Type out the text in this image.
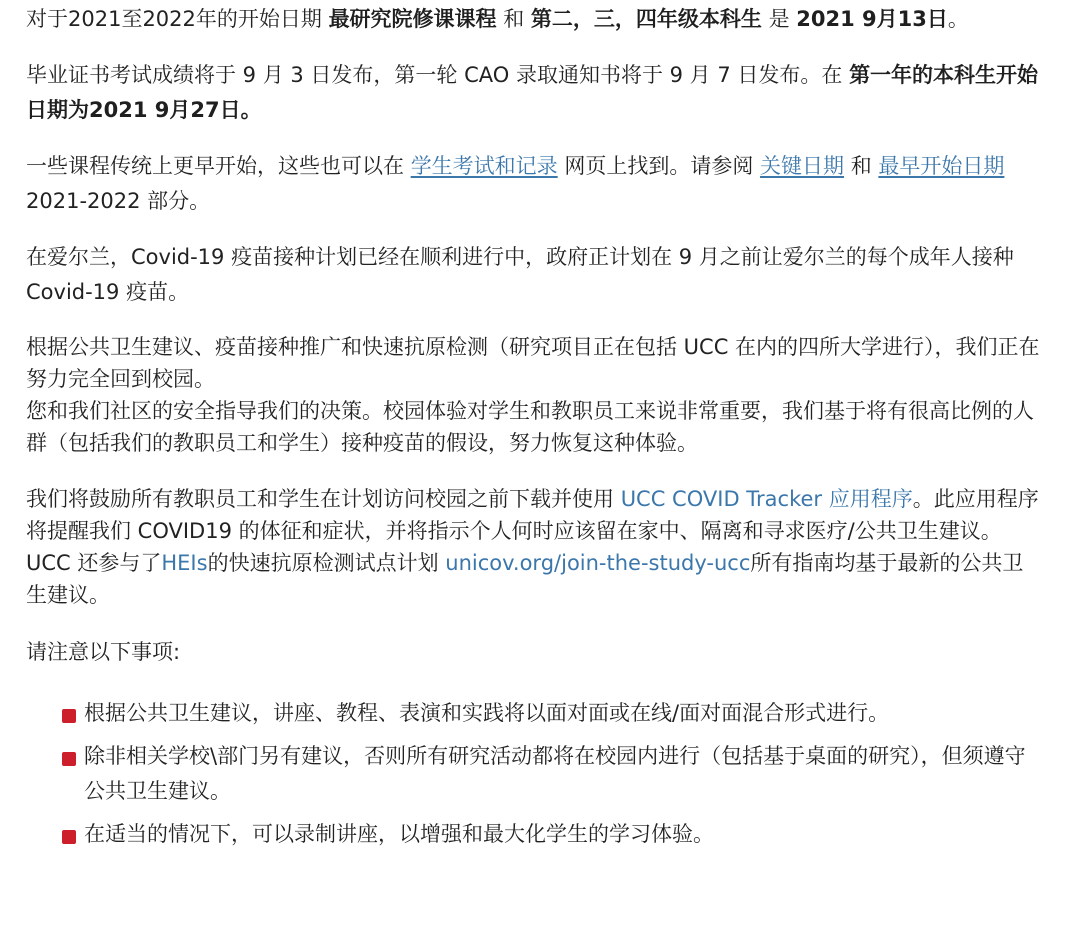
对于2021至2022年的开始日期 最研究院修课课程 和 第二，三，四年级本科生 是 2021 9月13日。

毕业证书考试成绩将于 9 月 3 日发布，第一轮 CAO 录取通知书将于 9 月 7 日发布。在 第一年的本科生开始日期为2021 9月27日。

一些课程传统上更早开始，这些也可以在 学生考试和记录 网页上找到。请参阅 关键日期 和 最早开始日期 2021-2022 部分。

在爱尔兰，Covid-19 疫苗接种计划已经在顺利进行中，政府正计划在 9 月之前让爱尔兰的每个成年人接种 Covid-19 疫苗。

根据公共卫生建议、疫苗接种推广和快速抗原检测（研究项目正在包括 UCC 在内的四所大学进行），我们正在努力完全回到校园。
您和我们社区的安全指导我们的决策。校园体验对学生和教职员工来说非常重要，我们基于将有很高比例的人群（包括我们的教职员工和学生）接种疫苗的假设，努力恢复这种体验。

我们将鼓励所有教职员工和学生在计划访问校园之前下载并使用 UCC COVID Tracker 应用程序。此应用程序将提醒我们 COVID19 的体征和症状，并将指示个人何时应该留在家中、隔离和寻求医疗/公共卫生建议。UCC 还参与了HEIs的快速抗原检测试点计划 unicov.org/join-the-study-ucc所有指南均基于最新的公共卫生建议。

请注意以下事项:

根据公共卫生建议，讲座、教程、表演和实践将以面对面或在线/面对面混合形式进行。
除非相关学校\部门另有建议，否则所有研究活动都将在校园内进行（包括基于桌面的研究），但须遵守公共卫生建议。
在适当的情况下，可以录制讲座，以增强和最大化学生的学习体验。
